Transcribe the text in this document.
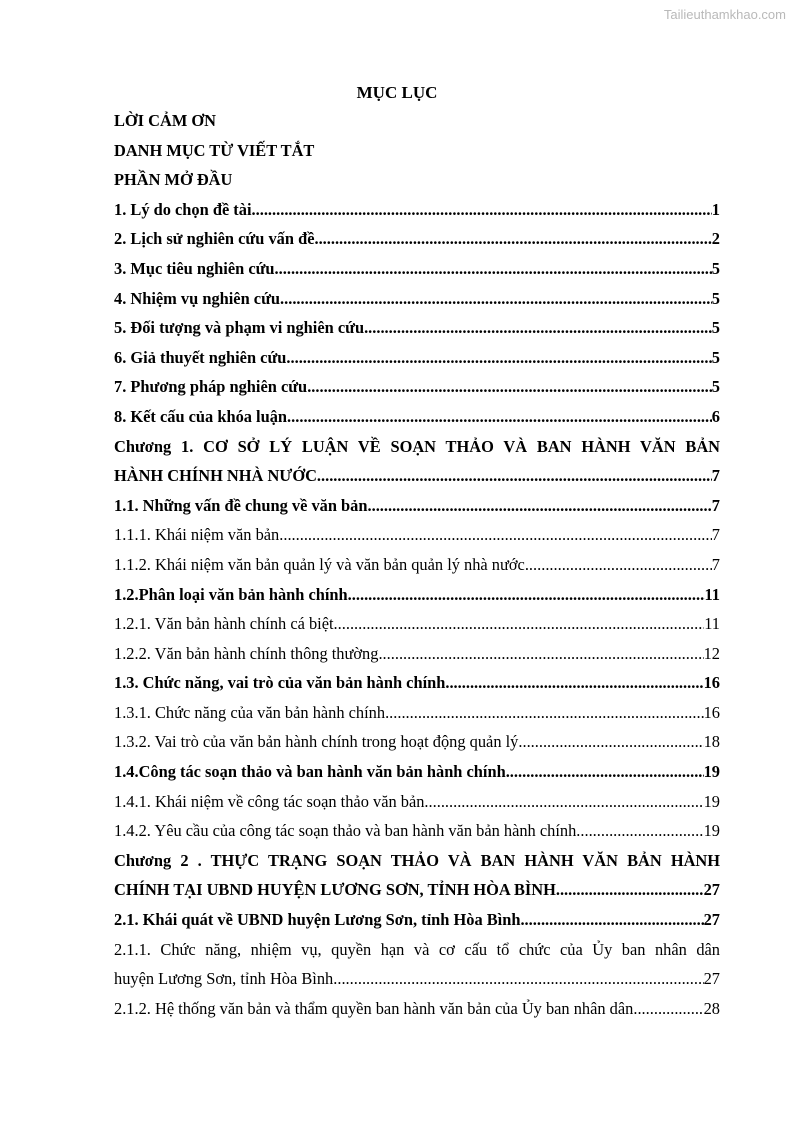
Tailieuthamkhao.com
MỤC LỤC
LỜI CẢM ƠN
DANH MỤC TỪ VIẾT TẮT
PHẦN MỞ ĐẦU
1. Lý do chọn đề tài .....	1
2. Lịch sử nghiên cứu vấn đề .....	2
3. Mục tiêu nghiên cứu .....	5
4. Nhiệm vụ nghiên cứu .....	5
5. Đối tượng và phạm vi nghiên cứu .....	5
6. Giả thuyết nghiên cứu .....	5
7. Phương pháp nghiên cứu .....	5
8. Kết cấu của khóa luận .....	6
Chương 1. CƠ SỞ LÝ LUẬN VỀ SOẠN THẢO VÀ BAN HÀNH VĂN BẢN
HÀNH CHÍNH NHÀ NƯỚC .....	7
1.1. Những vấn đề chung về văn bản .....	7
1.1.1. Khái niệm văn bản .....	7
1.1.2. Khái niệm văn bản quản lý và văn bản quản lý nhà nước .....	7
1.2.Phân loại văn bản hành chính .....	11
1.2.1. Văn bản hành chính cá biệt .....	11
1.2.2. Văn bản hành chính thông thường .....	12
1.3. Chức năng, vai trò của văn bản hành chính .....	16
1.3.1. Chức năng của văn bản hành chính .....	16
1.3.2. Vai trò của văn bản hành chính trong hoạt động quản lý .....	18
1.4.Công tác soạn thảo và ban hành văn bản hành chính .....	19
1.4.1. Khái niệm về công tác soạn thảo văn bản .....	19
1.4.2. Yêu cầu của công tác soạn thảo và ban hành văn bản hành chính .....	19
Chương 2 . THỰC TRẠNG SOẠN THẢO VÀ BAN HÀNH VĂN BẢN HÀNH
CHÍNH TẠI UBND HUYỆN LƯƠNG SƠN, TỈNH HÒA BÌNH .....	27
2.1. Khái quát về UBND huyện Lương Sơn, tỉnh Hòa Bình .....	27
2.1.1. Chức năng, nhiệm vụ, quyền hạn và cơ cấu tổ chức của Ủy ban nhân dân
huyện Lương Sơn, tỉnh Hòa Bình .....	27
2.1.2. Hệ thống văn bản và thẩm quyền ban hành văn bản của Ủy ban nhân dân .....	28
